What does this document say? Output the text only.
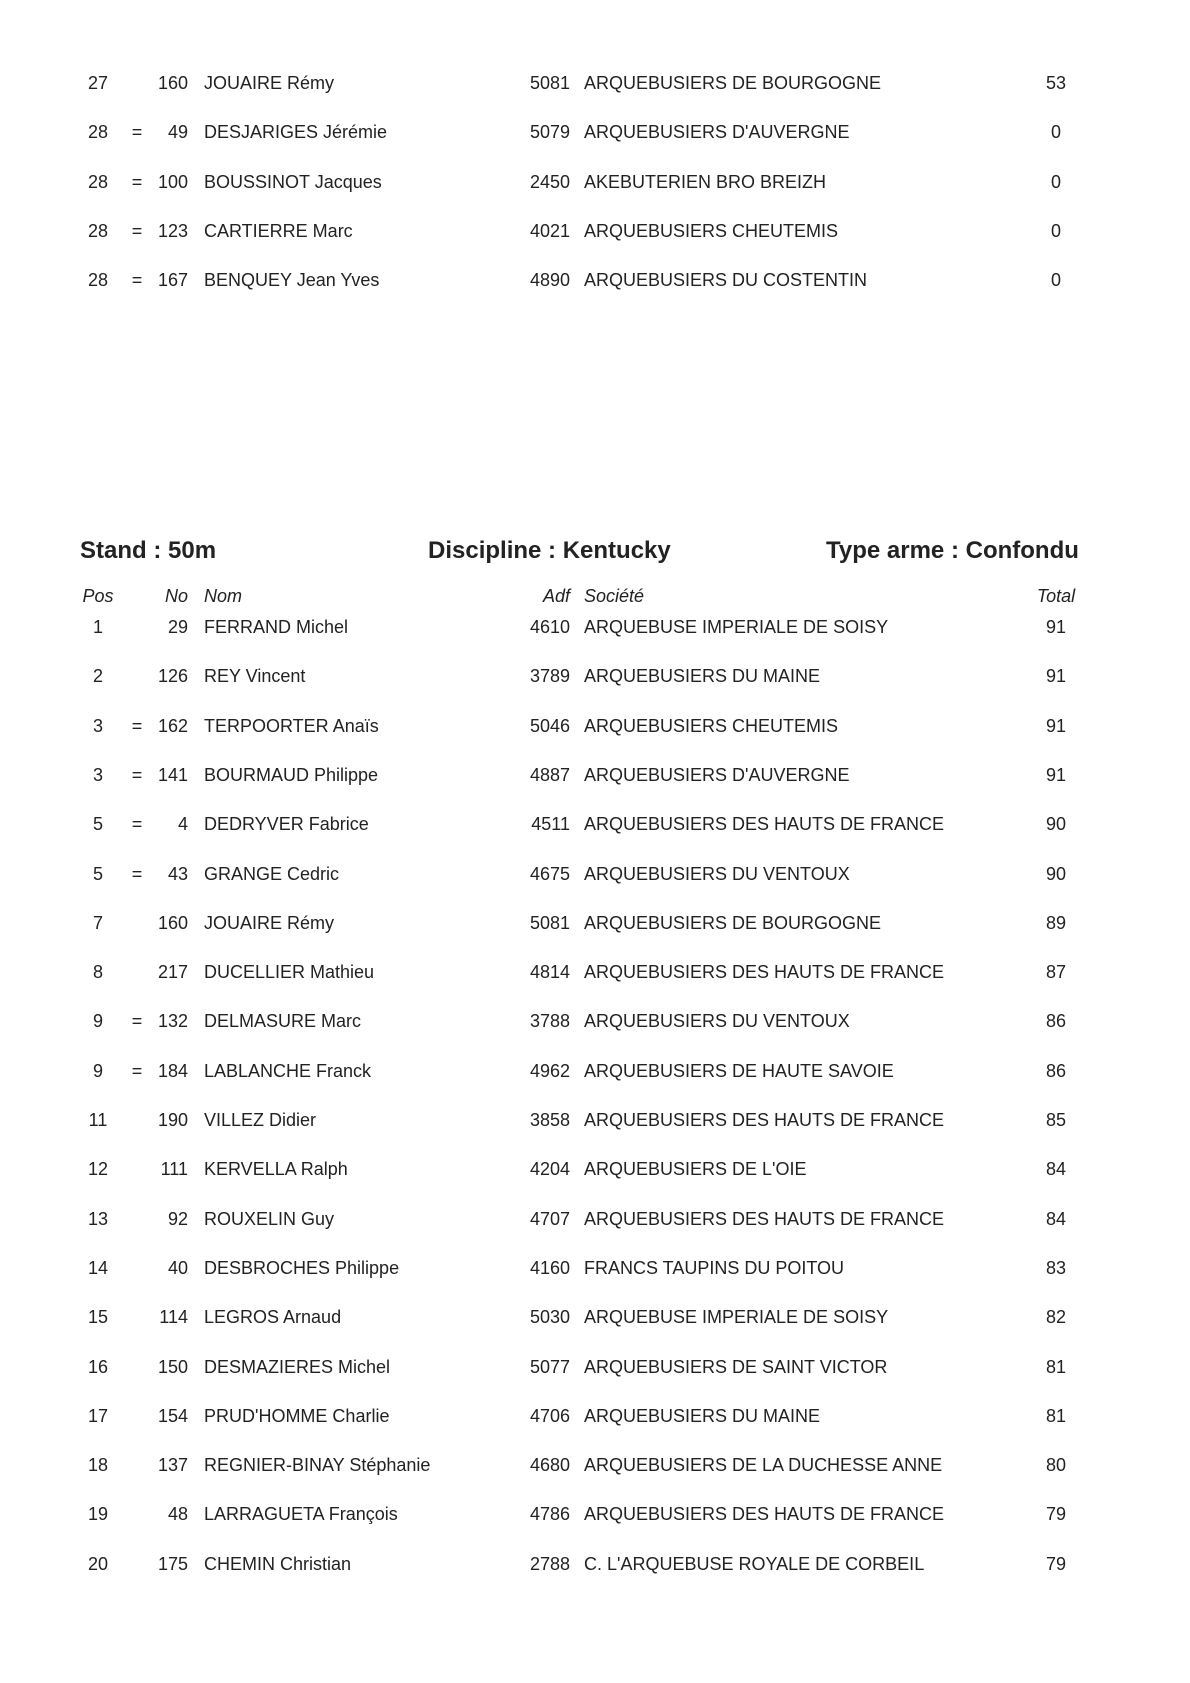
27	160 JOUAIRE Rémy	5081 ARQUEBUSIERS DE BOURGOGNE	53
28	=	49 DESJARIGES Jérémie	5079 ARQUEBUSIERS D'AUVERGNE	0
28	= 100 BOUSSINOT Jacques	2450 AKEBUTERIEN BRO BREIZH	0
28	= 123 CARTIERRE Marc	4021 ARQUEBUSIERS CHEUTEMIS	0
28	= 167 BENQUEY Jean Yves	4890 ARQUEBUSIERS DU COSTENTIN	0
Stand : 50m	Discipline : Kentucky	Type arme : Confondu
Pos	No Nom	Adf Société	Total
1	29 FERRAND Michel	4610 ARQUEBUSE IMPERIALE DE SOISY	91
2	126 REY Vincent	3789 ARQUEBUSIERS DU MAINE	91
3	= 162 TERPOORTER Anaïs	5046 ARQUEBUSIERS CHEUTEMIS	91
3	= 141 BOURMAUD Philippe	4887 ARQUEBUSIERS D'AUVERGNE	91
5	=	4 DEDRYVER Fabrice	4511 ARQUEBUSIERS DES HAUTS DE FRANCE	90
5	=	43 GRANGE Cedric	4675 ARQUEBUSIERS DU VENTOUX	90
7	160 JOUAIRE Rémy	5081 ARQUEBUSIERS DE BOURGOGNE	89
8	217 DUCELLIER Mathieu	4814 ARQUEBUSIERS DES HAUTS DE FRANCE	87
9	= 132 DELMASURE Marc	3788 ARQUEBUSIERS DU VENTOUX	86
9	= 184 LABLANCHE Franck	4962 ARQUEBUSIERS DE HAUTE SAVOIE	86
11	190 VILLEZ Didier	3858 ARQUEBUSIERS DES HAUTS DE FRANCE	85
12	111 KERVELLA Ralph	4204 ARQUEBUSIERS DE L'OIE	84
13	92 ROUXELIN Guy	4707 ARQUEBUSIERS DES HAUTS DE FRANCE	84
14	40 DESBROCHES Philippe	4160 FRANCS TAUPINS DU POITOU	83
15	114 LEGROS Arnaud	5030 ARQUEBUSE IMPERIALE DE SOISY	82
16	150 DESMAZIERES Michel	5077 ARQUEBUSIERS DE SAINT VICTOR	81
17	154 PRUD'HOMME Charlie	4706 ARQUEBUSIERS DU MAINE	81
18	137 REGNIER-BINAY Stéphanie	4680 ARQUEBUSIERS DE LA DUCHESSE ANNE	80
19	48 LARRAGUETA François	4786 ARQUEBUSIERS DES HAUTS DE FRANCE	79
20	175 CHEMIN Christian	2788 C. L'ARQUEBUSE ROYALE DE CORBEIL	79
